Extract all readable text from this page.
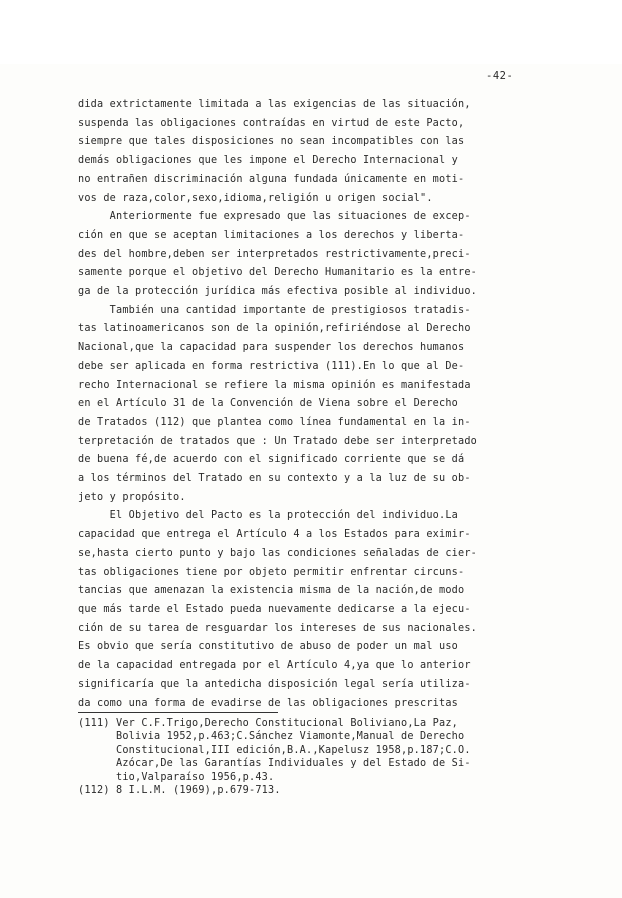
-42-
dida extrictamente limitada a las exigencias de las situación,
suspenda las obligaciones contraídas en virtud de este Pacto,
siempre que tales disposiciones no sean incompatibles con las
demás obligaciones que les impone el Derecho Internacional y
no entrañen discriminación alguna fundada únicamente en moti-
vos de raza,color,sexo,idioma,religión u origen social".
Anteriormente fue expresado que las situaciones de excep-
ción en que se aceptan limitaciones a los derechos y liberta-
des del hombre,deben ser interpretados restrictivamente,preci-
samente porque el objetivo del Derecho Humanitario es la entre-
ga de la protección jurídica más efectiva posible al individuo.
También una cantidad importante de prestigiosos tratadis-
tas latinoamericanos son de la opinión,refiriéndose al Derecho
Nacional,que la capacidad para suspender los derechos humanos
debe ser aplicada en forma restrictiva (111).En lo que al De-
recho Internacional se refiere la misma opinión es manifestada
en el Artículo 31 de la Convención de Viena sobre el Derecho
de Tratados (112) que plantea como línea fundamental en la in-
terpretación de tratados que : Un Tratado debe ser interpretado
de buena fé,de acuerdo con el significado corriente que se dá
a los términos del Tratado en su contexto y a la luz de su ob-
jeto y propósito.
El Objetivo del Pacto es la protección del individuo.La
capacidad que entrega el Artículo 4 a los Estados para eximir-
se,hasta cierto punto y bajo las condiciones señaladas de cier-
tas obligaciones tiene por objeto permitir enfrentar circuns-
tancias que amenazan la existencia misma de la nación,de modo
que más tarde el Estado pueda nuevamente dedicarse a la ejecu-
ción de su tarea de resguardar los intereses de sus nacionales.
Es obvio que sería constitutivo de abuso de poder un mal uso
de la capacidad entregada por el Artículo 4,ya que lo anterior
significaría que la antedicha disposición legal sería utiliza-
da como una forma de evadirse de las obligaciones prescritas
(111) Ver C.F.Trigo,Derecho Constitucional Boliviano,La Paz,
Bolivia 1952,p.463;C.Sánchez Viamonte,Manual de Derecho
Constitucional,III edición,B.A.,Kapelusz 1958,p.187;C.O.
Azócar,De las Garantías Individuales y del Estado de Si-
tio,Valparaíso 1956,p.43.
(112) 8 I.L.M. (1969),p.679-713.
